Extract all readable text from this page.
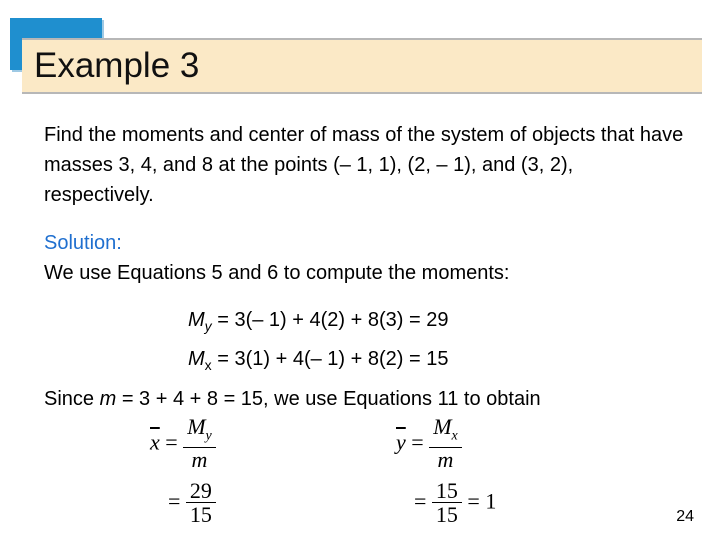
Example 3

Find the moments and center of mass of the system of objects that have masses 3, 4, and 8 at the points (– 1, 1), (2, – 1), and (3, 2), respectively.

Solution:

We use Equations 5 and 6 to compute the moments:

$M_y = 3(-$ 1) + 4(2) + 8(3) = 29

$M_x = 3(1) + 4(-$ 1) + 8(2) = 15

Since m = 3 + 4 + 8 = 15, we use Equations 11 to obtain

$\overline{x} = \frac{M_y}{m}$
= $\frac{29}{15}$
$\overline{y} = \frac{M_x}{m}$
= $\frac{15}{15} = 1$
24
